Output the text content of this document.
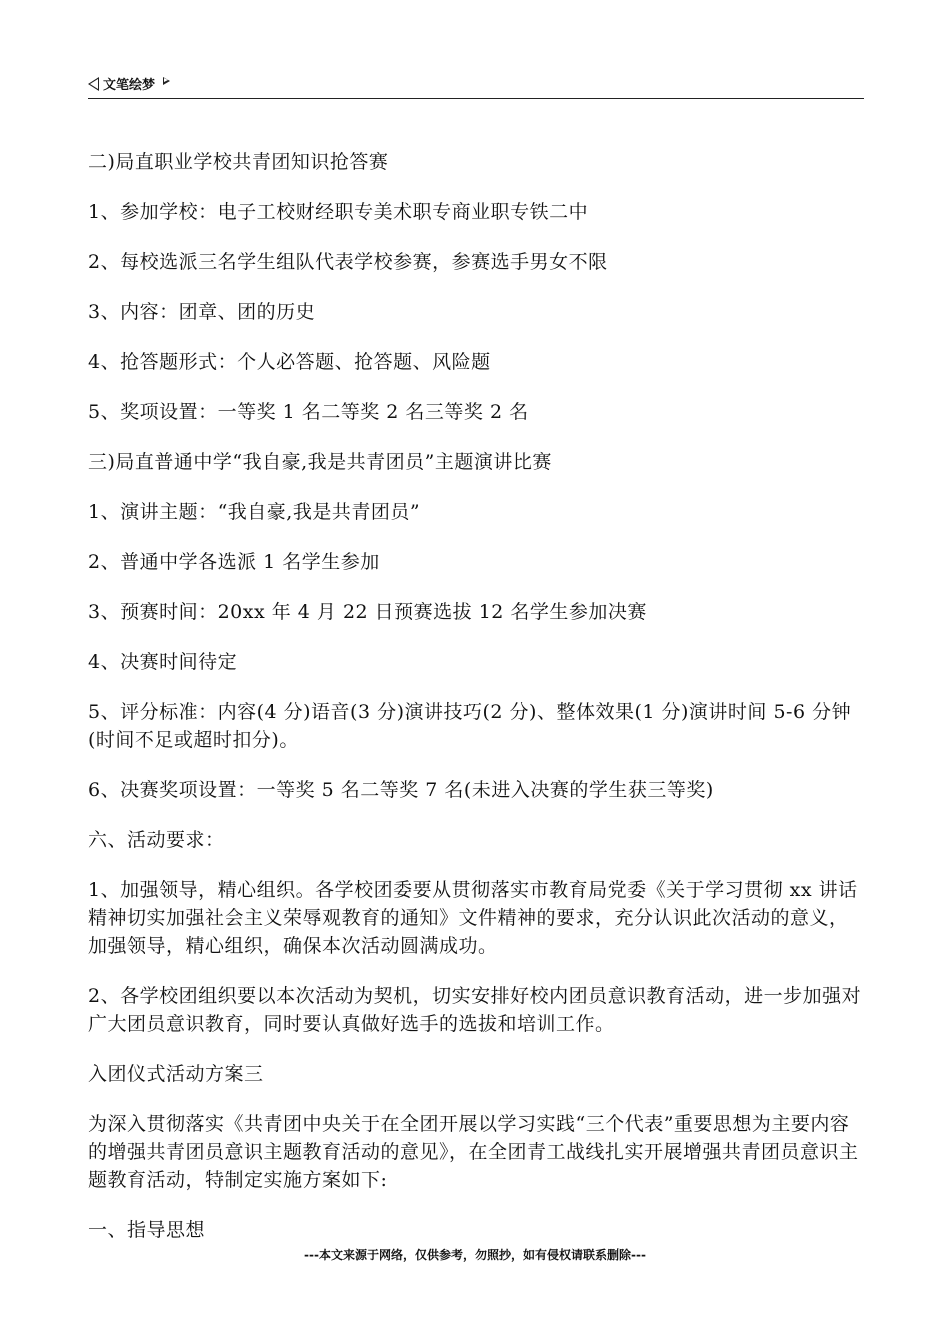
文笔绘梦

二)局直职业学校共青团知识抢答赛

1、参加学校：电子工校财经职专美术职专商业职专铁二中

2、每校选派三名学生组队代表学校参赛，参赛选手男女不限

3、内容：团章、团的历史

4、抢答题形式：个人必答题、抢答题、风险题

5、奖项设置：一等奖 1 名二等奖 2 名三等奖 2 名

三)局直普通中学“我自豪,我是共青团员”主题演讲比赛

1、演讲主题：“我自豪,我是共青团员”

2、普通中学各选派 1 名学生参加

3、预赛时间：20xx 年 4 月 22 日预赛选拔 12 名学生参加决赛

4、决赛时间待定

5、评分标准：内容(4 分)语音(3 分)演讲技巧(2 分)、整体效果(1 分)演讲时间 5-6 分钟(时间不足或超时扣分)。

6、决赛奖项设置：一等奖 5 名二等奖 7 名(未进入决赛的学生获三等奖)

六、活动要求：

1、加强领导，精心组织。各学校团委要从贯彻落实市教育局党委《关于学习贯彻 xx 讲话精神切实加强社会主义荣辱观教育的通知》文件精神的要求，充分认识此次活动的意义，加强领导，精心组织，确保本次活动圆满成功。

2、各学校团组织要以本次活动为契机，切实安排好校内团员意识教育活动，进一步加强对广大团员意识教育，同时要认真做好选手的选拔和培训工作。

入团仪式活动方案三

为深入贯彻落实《共青团中央关于在全团开展以学习实践“三个代表”重要思想为主要内容的增强共青团员意识主题教育活动的意见》，在全团青工战线扎实开展增强共青团员意识主题教育活动，特制定实施方案如下:

一、指导思想

---本文来源于网络，仅供参考，勿照抄，如有侵权请联系删除---
